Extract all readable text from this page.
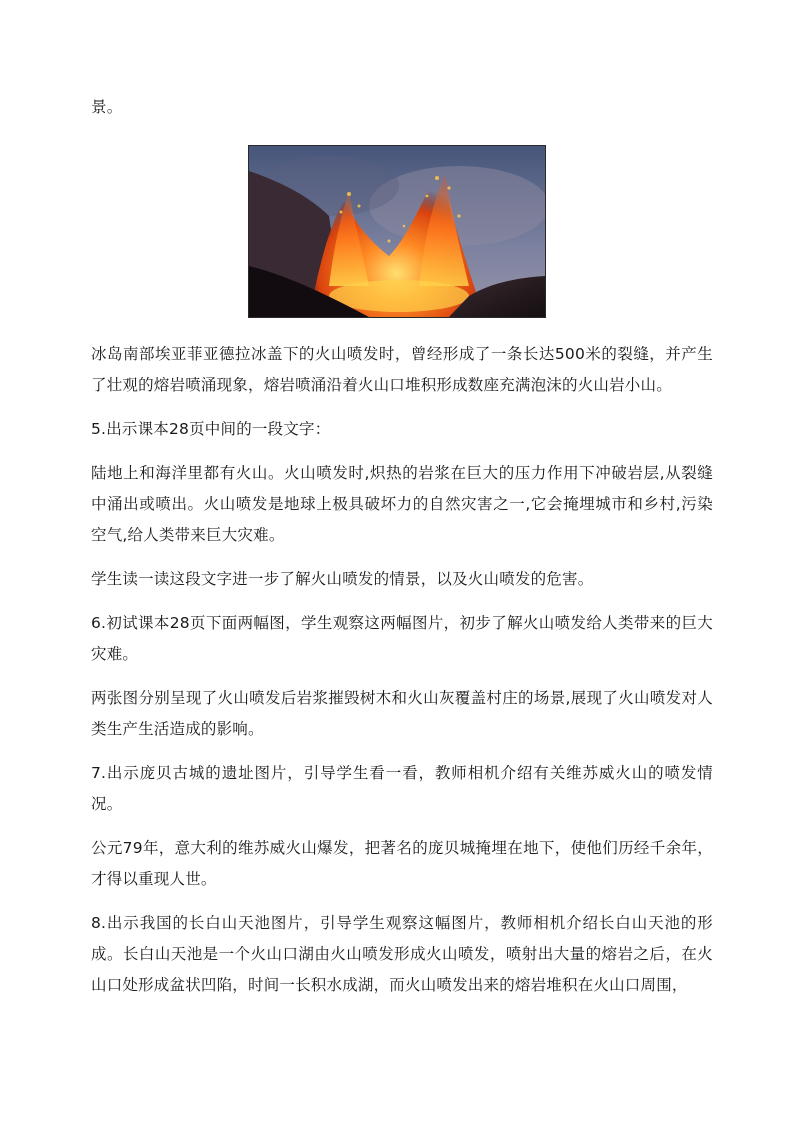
景。

冰岛南部埃亚菲亚德拉冰盖下的火山喷发时，曾经形成了一条长达500米的裂缝，并产生了壮观的熔岩喷涌现象，熔岩喷涌沿着火山口堆积形成数座充满泡沫的火山岩小山。

5.出示课本28页中间的一段文字：

陆地上和海洋里都有火山。火山喷发时,炽热的岩浆在巨大的压力作用下冲破岩层,从裂缝中涌出或喷出。火山喷发是地球上极具破坏力的自然灾害之一,它会掩埋城市和乡村,污染空气,给人类带来巨大灾难。

学生读一读这段文字进一步了解火山喷发的情景，以及火山喷发的危害。

6.初试课本28页下面两幅图，学生观察这两幅图片，初步了解火山喷发给人类带来的巨大灾难。

两张图分别呈现了火山喷发后岩浆摧毁树木和火山灰覆盖村庄的场景,展现了火山喷发对人类生产生活造成的影响。

7.出示庞贝古城的遗址图片，引导学生看一看，教师相机介绍有关维苏威火山的喷发情况。

公元79年，意大利的维苏威火山爆发，把著名的庞贝城掩埋在地下，使他们历经千余年，才得以重现人世。

8.出示我国的长白山天池图片，引导学生观察这幅图片，教师相机介绍长白山天池的形成。长白山天池是一个火山口湖由火山喷发形成火山喷发，喷射出大量的熔岩之后，在火山口处形成盆状凹陷，时间一长积水成湖，而火山喷发出来的熔岩堆积在火山口周围，
